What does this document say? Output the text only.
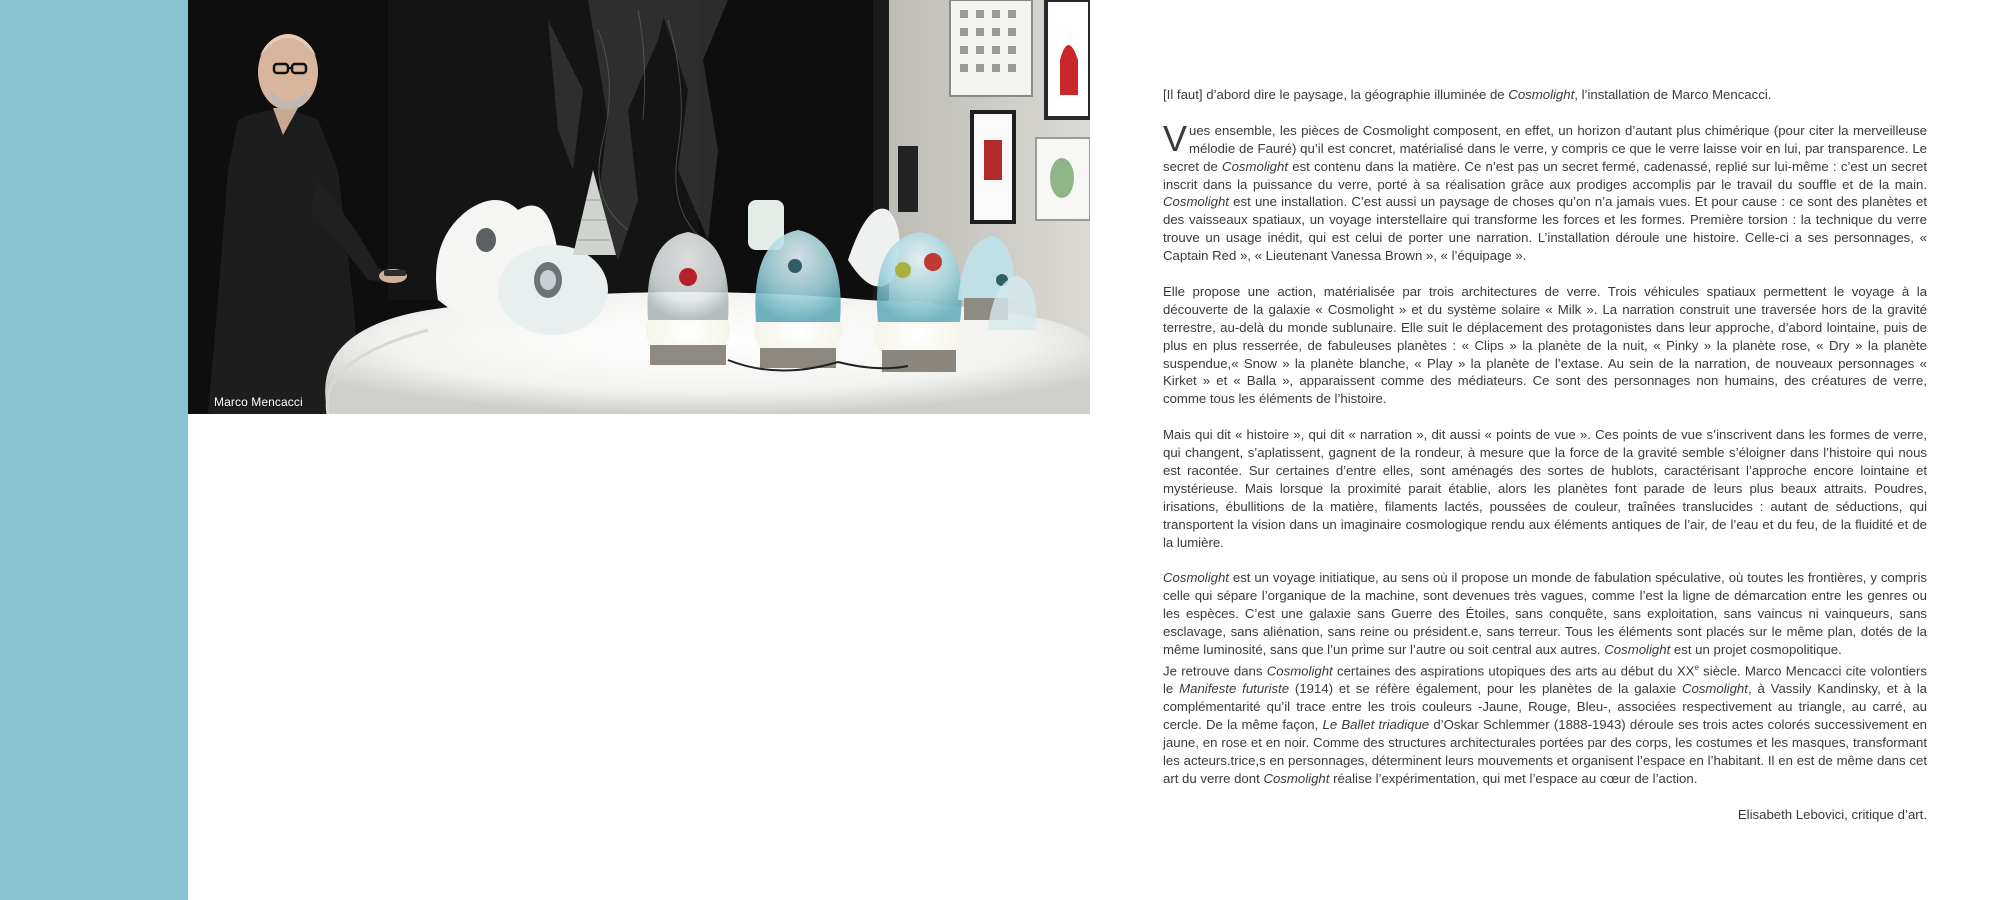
Marco Mencacci

[Il faut] d’abord dire le paysage, la géographie illuminée de Cosmolight, l’installation de Marco Mencacci.

Vues ensemble, les pièces de Cosmolight composent, en effet, un horizon d’autant plus chimérique (pour citer la merveilleuse mélodie de Fauré) qu’il est concret, matérialisé dans le verre, y compris ce que le verre laisse voir en lui, par transparence. Le secret de Cosmolight est contenu dans la matière. Ce n’est pas un secret fermé, cadenassé, replié sur lui-même : c’est un secret inscrit dans la puissance du verre, porté à sa réalisation grâce aux prodiges accomplis par le travail du souffle et de la main. Cosmolight est une installation. C’est aussi un paysage de choses qu’on n’a jamais vues. Et pour cause : ce sont des planètes et des vaisseaux spatiaux, un voyage interstellaire qui transforme les forces et les formes. Première torsion : la technique du verre trouve un usage inédit, qui est celui de porter une narration. L’installation déroule une histoire. Celle-ci a ses personnages, « Captain Red », « Lieutenant Vanessa Brown », « l’équipage ».

Elle propose une action, matérialisée par trois architectures de verre. Trois véhicules spatiaux permettent le voyage à la découverte de la galaxie « Cosmolight » et du système solaire « Milk ». La narration construit une traversée hors de la gravité terrestre, au-delà du monde sublunaire. Elle suit le déplacement des protagonistes dans leur approche, d’abord lointaine, puis de plus en plus resserrée, de fabuleuses planètes : « Clips » la planète de la nuit, « Pinky » la planète rose, « Dry » la planète suspendue,« Snow » la planète blanche, « Play » la planète de l’extase. Au sein de la narration, de nouveaux personnages « Kirket » et « Balla », apparaissent comme des médiateurs. Ce sont des personnages non humains, des créatures de verre, comme tous les éléments de l’histoire.

Mais qui dit « histoire », qui dit « narration », dit aussi « points de vue ». Ces points de vue s’inscrivent dans les formes de verre, qui changent, s’aplatissent, gagnent de la rondeur, à mesure que la force de la gravité semble s’éloigner dans l’histoire qui nous est racontée. Sur certaines d’entre elles, sont aménagés des sortes de hublots, caractérisant l’approche encore lointaine et mystérieuse. Mais lorsque la proximité parait établie, alors les planètes font parade de leurs plus beaux attraits. Poudres, irisations, ébullitions de la matière, filaments lactés, poussées de couleur, traînées translucides : autant de séductions, qui transportent la vision dans un imaginaire cosmologique rendu aux éléments antiques de l’air, de l’eau et du feu, de la fluidité et de la lumière.

Cosmolight est un voyage initiatique, au sens où il propose un monde de fabulation spéculative, où toutes les frontières, y compris celle qui sépare l’organique de la machine, sont devenues très vagues, comme l’est la ligne de démarcation entre les genres ou les espèces. C’est une galaxie sans Guerre des Étoiles, sans conquête, sans exploitation, sans vaincus ni vainqueurs, sans esclavage, sans aliénation, sans reine ou président.e, sans terreur. Tous les éléments sont placés sur le même plan, dotés de la même luminosité, sans que l’un prime sur l’autre ou soit central aux autres. Cosmolight est un projet cosmopolitique.

Je retrouve dans Cosmolight certaines des aspirations utopiques des arts au début du XXe siècle. Marco Mencacci cite volontiers le Manifeste futuriste (1914) et se réfère également, pour les planètes de la galaxie Cosmolight, à Vassily Kandinsky, et à la complémentarité qu’il trace entre les trois couleurs -Jaune, Rouge, Bleu-, associées respectivement au triangle, au carré, au cercle. De la même façon, Le Ballet triadique d’Oskar Schlemmer (1888-1943) déroule ses trois actes colorés successivement en jaune, en rose et en noir. Comme des structures architecturales portées par des corps, les costumes et les masques, transformant les acteurs.trice,s en personnages, déterminent leurs mouvements et organisent l’espace en l’habitant. Il en est de même dans cet art du verre dont Cosmolight réalise l’expérimentation, qui met l’espace au cœur de l’action.

Elisabeth Lebovici, critique d’art.
